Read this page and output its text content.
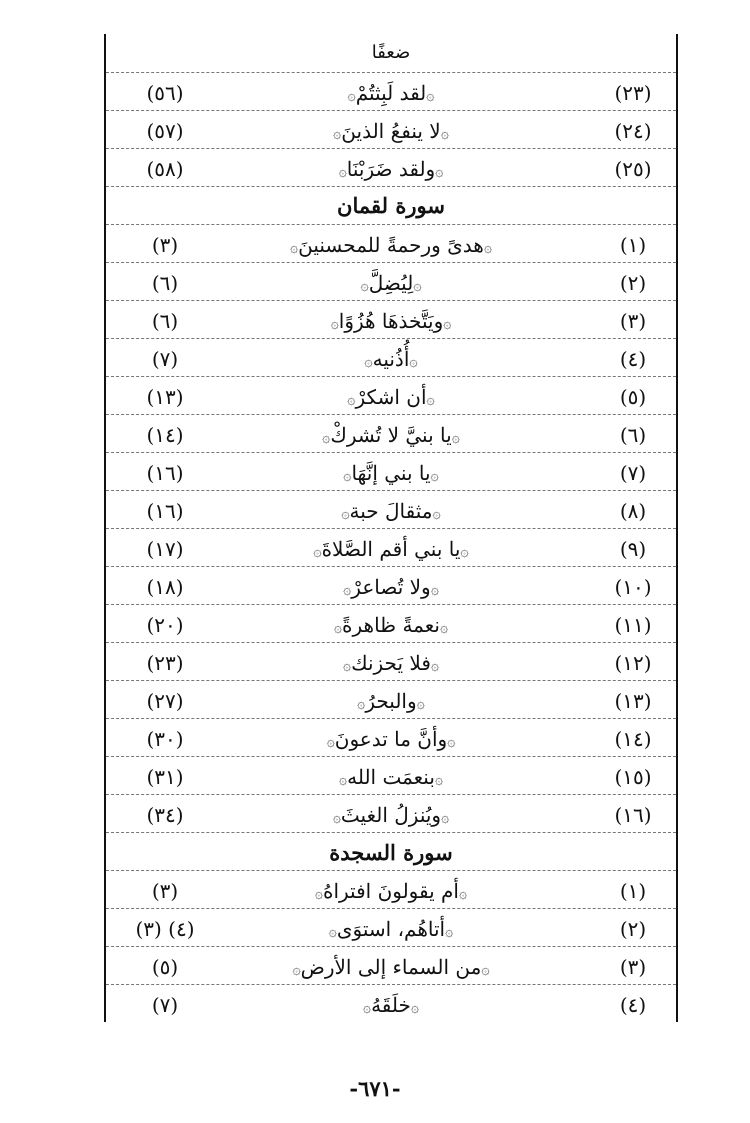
ضعفًا
(٢٣)
۞لقد لَبِثتُمْ۞
(٥٦)
(٢٤)
۞لا ينفعُ الذينَ۞
(٥٧)
(٢٥)
۞ولقد ضَرَبْنَا۞
(٥٨)
سورة لقمان
(١)
۞هدىً ورحمةً للمحسنينَ۞
(٣)
(٢)
۞لِيُضِلَّ۞
(٦)
(٣)
۞ويَتَّخذهَا هُزُوًا۞
(٦)
(٤)
۞أُذُنيه۞
(٧)
(٥)
۞أن اشكرْ۞
(١٣)
(٦)
۞يا بنيَّ لا تُشركْ۞
(١٤)
(٧)
۞يا بني إنَّهَا۞
(١٦)
(٨)
۞مثقالَ حبة۞
(١٦)
(٩)
۞يا بني أقم الصَّلاةَ۞
(١٧)
(١٠)
۞ولا تُصاعرْ۞
(١٨)
(١١)
۞نعمةً ظاهرةً۞
(٢٠)
(١٢)
۞فلا يَحزنك۞
(٢٣)
(١٣)
۞والبحرُ۞
(٢٧)
(١٤)
۞وأنَّ ما تدعونَ۞
(٣٠)
(١٥)
۞بنعمَت الله۞
(٣١)
(١٦)
۞ويُنزلُ الغيثَ۞
(٣٤)
سورة السجدة
(١)
۞أم يقولونَ افتراهُ۞
(٣)
(٢)
۞أتاهُم، استوَى۞
(٣) (٤)
(٣)
۞من السماء إلى الأرض۞
(٥)
(٤)
۞خلَقَهُ۞
(٧)
-٦٧١-
